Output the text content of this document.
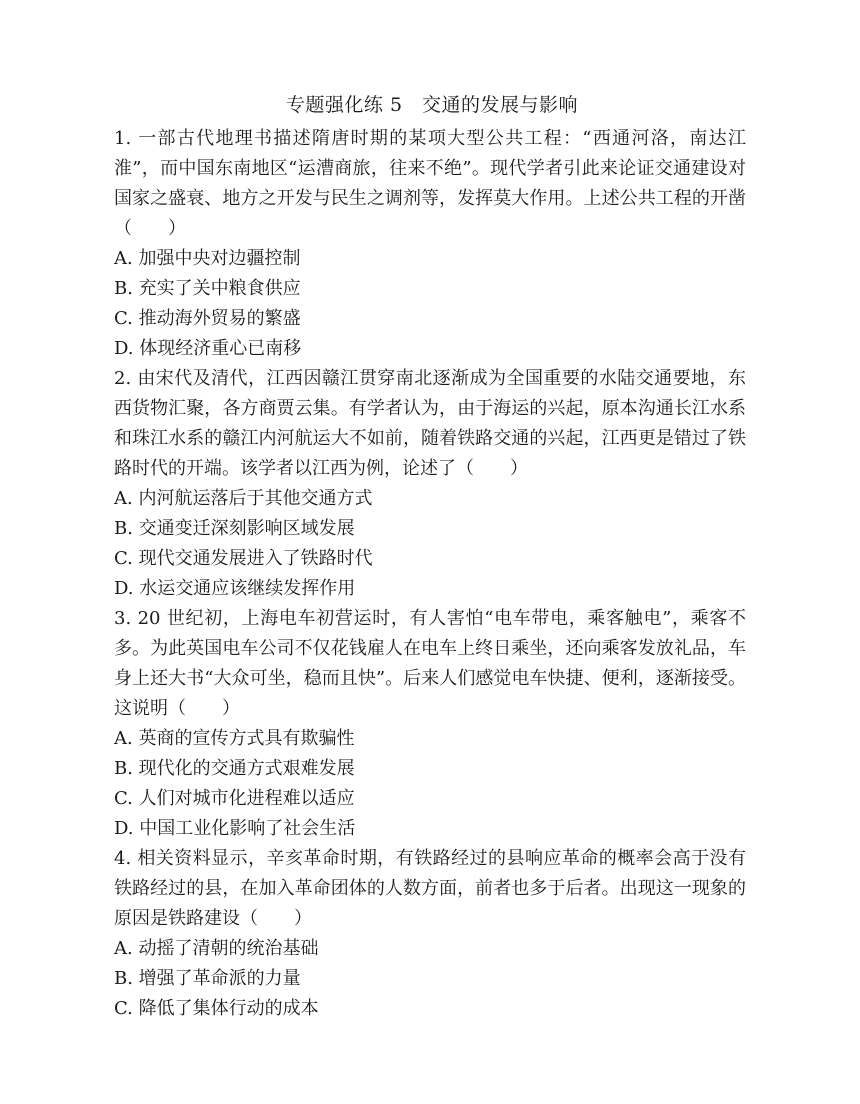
专题强化练 5　交通的发展与影响

1. 一部古代地理书描述隋唐时期的某项大型公共工程：“西通河洛，南达江淮”，而中国东南地区“运漕商旅，往来不绝”。现代学者引此来论证交通建设对国家之盛衰、地方之开发与民生之调剂等，发挥莫大作用。上述公共工程的开凿（　　）

A. 加强中央对边疆控制
B. 充实了关中粮食供应
C. 推动海外贸易的繁盛
D. 体现经济重心已南移

2. 由宋代及清代，江西因赣江贯穿南北逐渐成为全国重要的水陆交通要地，东西货物汇聚，各方商贾云集。有学者认为，由于海运的兴起，原本沟通长江水系和珠江水系的赣江内河航运大不如前，随着铁路交通的兴起，江西更是错过了铁路时代的开端。该学者以江西为例，论述了（　　）

A. 内河航运落后于其他交通方式
B. 交通变迁深刻影响区域发展
C. 现代交通发展进入了铁路时代
D. 水运交通应该继续发挥作用

3. 20 世纪初，上海电车初营运时，有人害怕“电车带电，乘客触电”，乘客不多。为此英国电车公司不仅花钱雇人在电车上终日乘坐，还向乘客发放礼品，车身上还大书“大众可坐，稳而且快”。后来人们感觉电车快捷、便利，逐渐接受。这说明（　　）

A. 英商的宣传方式具有欺骗性
B. 现代化的交通方式艰难发展
C. 人们对城市化进程难以适应
D. 中国工业化影响了社会生活

4. 相关资料显示，辛亥革命时期，有铁路经过的县响应革命的概率会高于没有铁路经过的县，在加入革命团体的人数方面，前者也多于后者。出现这一现象的原因是铁路建设（　　）

A. 动摇了清朝的统治基础
B. 增强了革命派的力量
C. 降低了集体行动的成本
